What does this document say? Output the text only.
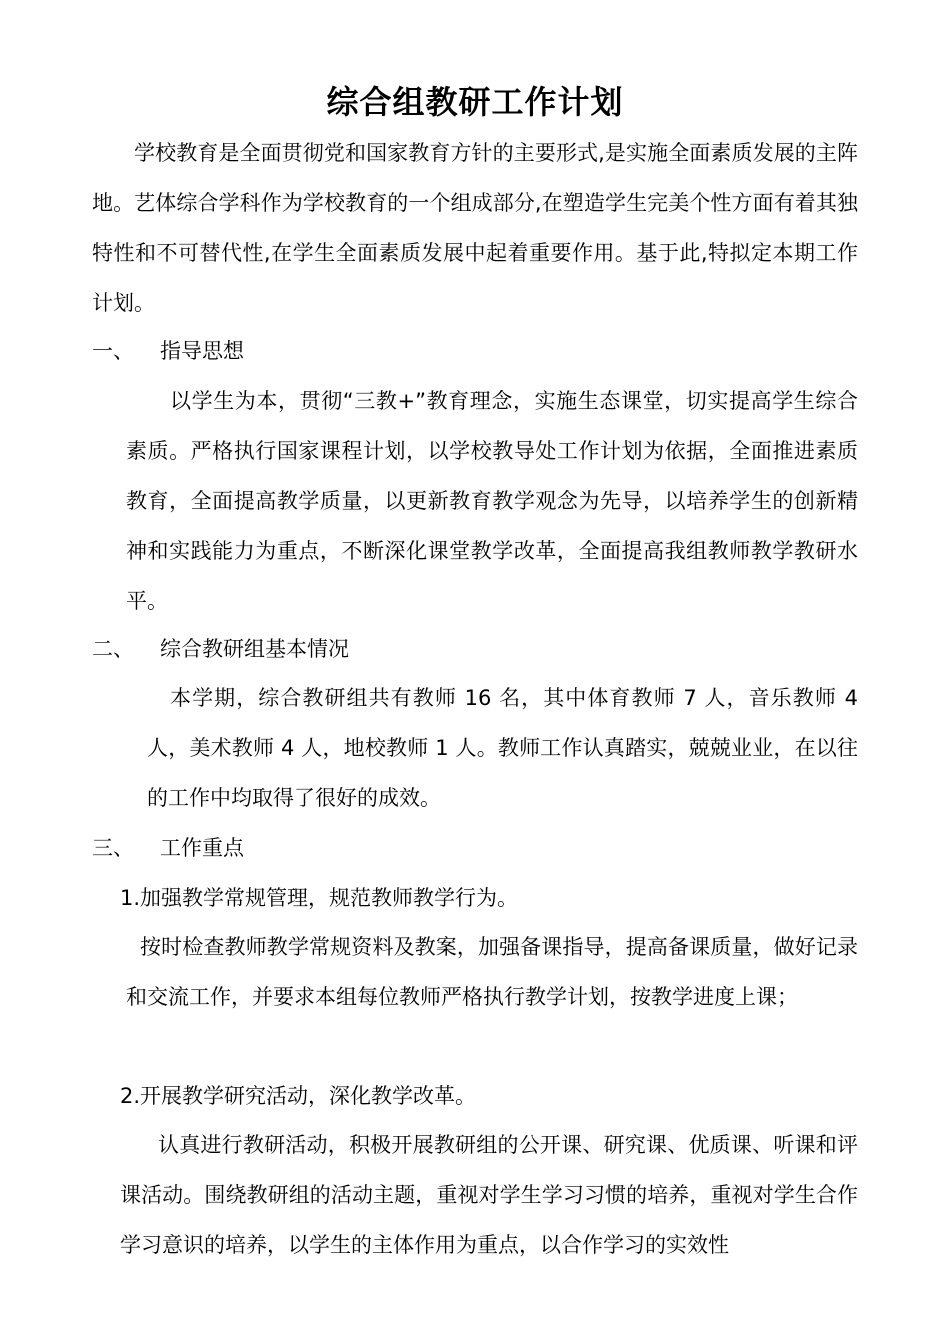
综合组教研工作计划

学校教育是全面贯彻党和国家教育方针的主要形式,是实施全面素质发展的主阵地。艺体综合学科作为学校教育的一个组成部分,在塑造学生完美个性方面有着其独特性和不可替代性,在学生全面素质发展中起着重要作用。基于此,特拟定本期工作计划。

一、 指导思想

以学生为本，贯彻“三教+”教育理念，实施生态课堂，切实提高学生综合素质。严格执行国家课程计划，以学校教导处工作计划为依据，全面推进素质教育，全面提高教学质量，以更新教育教学观念为先导，以培养学生的创新精神和实践能力为重点，不断深化课堂教学改革，全面提高我组教师教学教研水平。

二、 综合教研组基本情况

本学期，综合教研组共有教师 16 名，其中体育教师 7 人，音乐教师 4 人，美术教师 4 人，地校教师 1 人。教师工作认真踏实，兢兢业业，在以往的工作中均取得了很好的成效。

三、 工作重点
1.加强教学常规管理，规范教师教学行为。

按时检查教师教学常规资料及教案，加强备课指导，提高备课质量，做好记录和交流工作，并要求本组每位教师严格执行教学计划，按教学进度上课；

2.开展教学研究活动，深化教学改革。

认真进行教研活动，积极开展教研组的公开课、研究课、优质课、听课和评课活动。围绕教研组的活动主题，重视对学生学习习惯的培养，重视对学生合作学习意识的培养，以学生的主体作用为重点，以合作学习的实效性
